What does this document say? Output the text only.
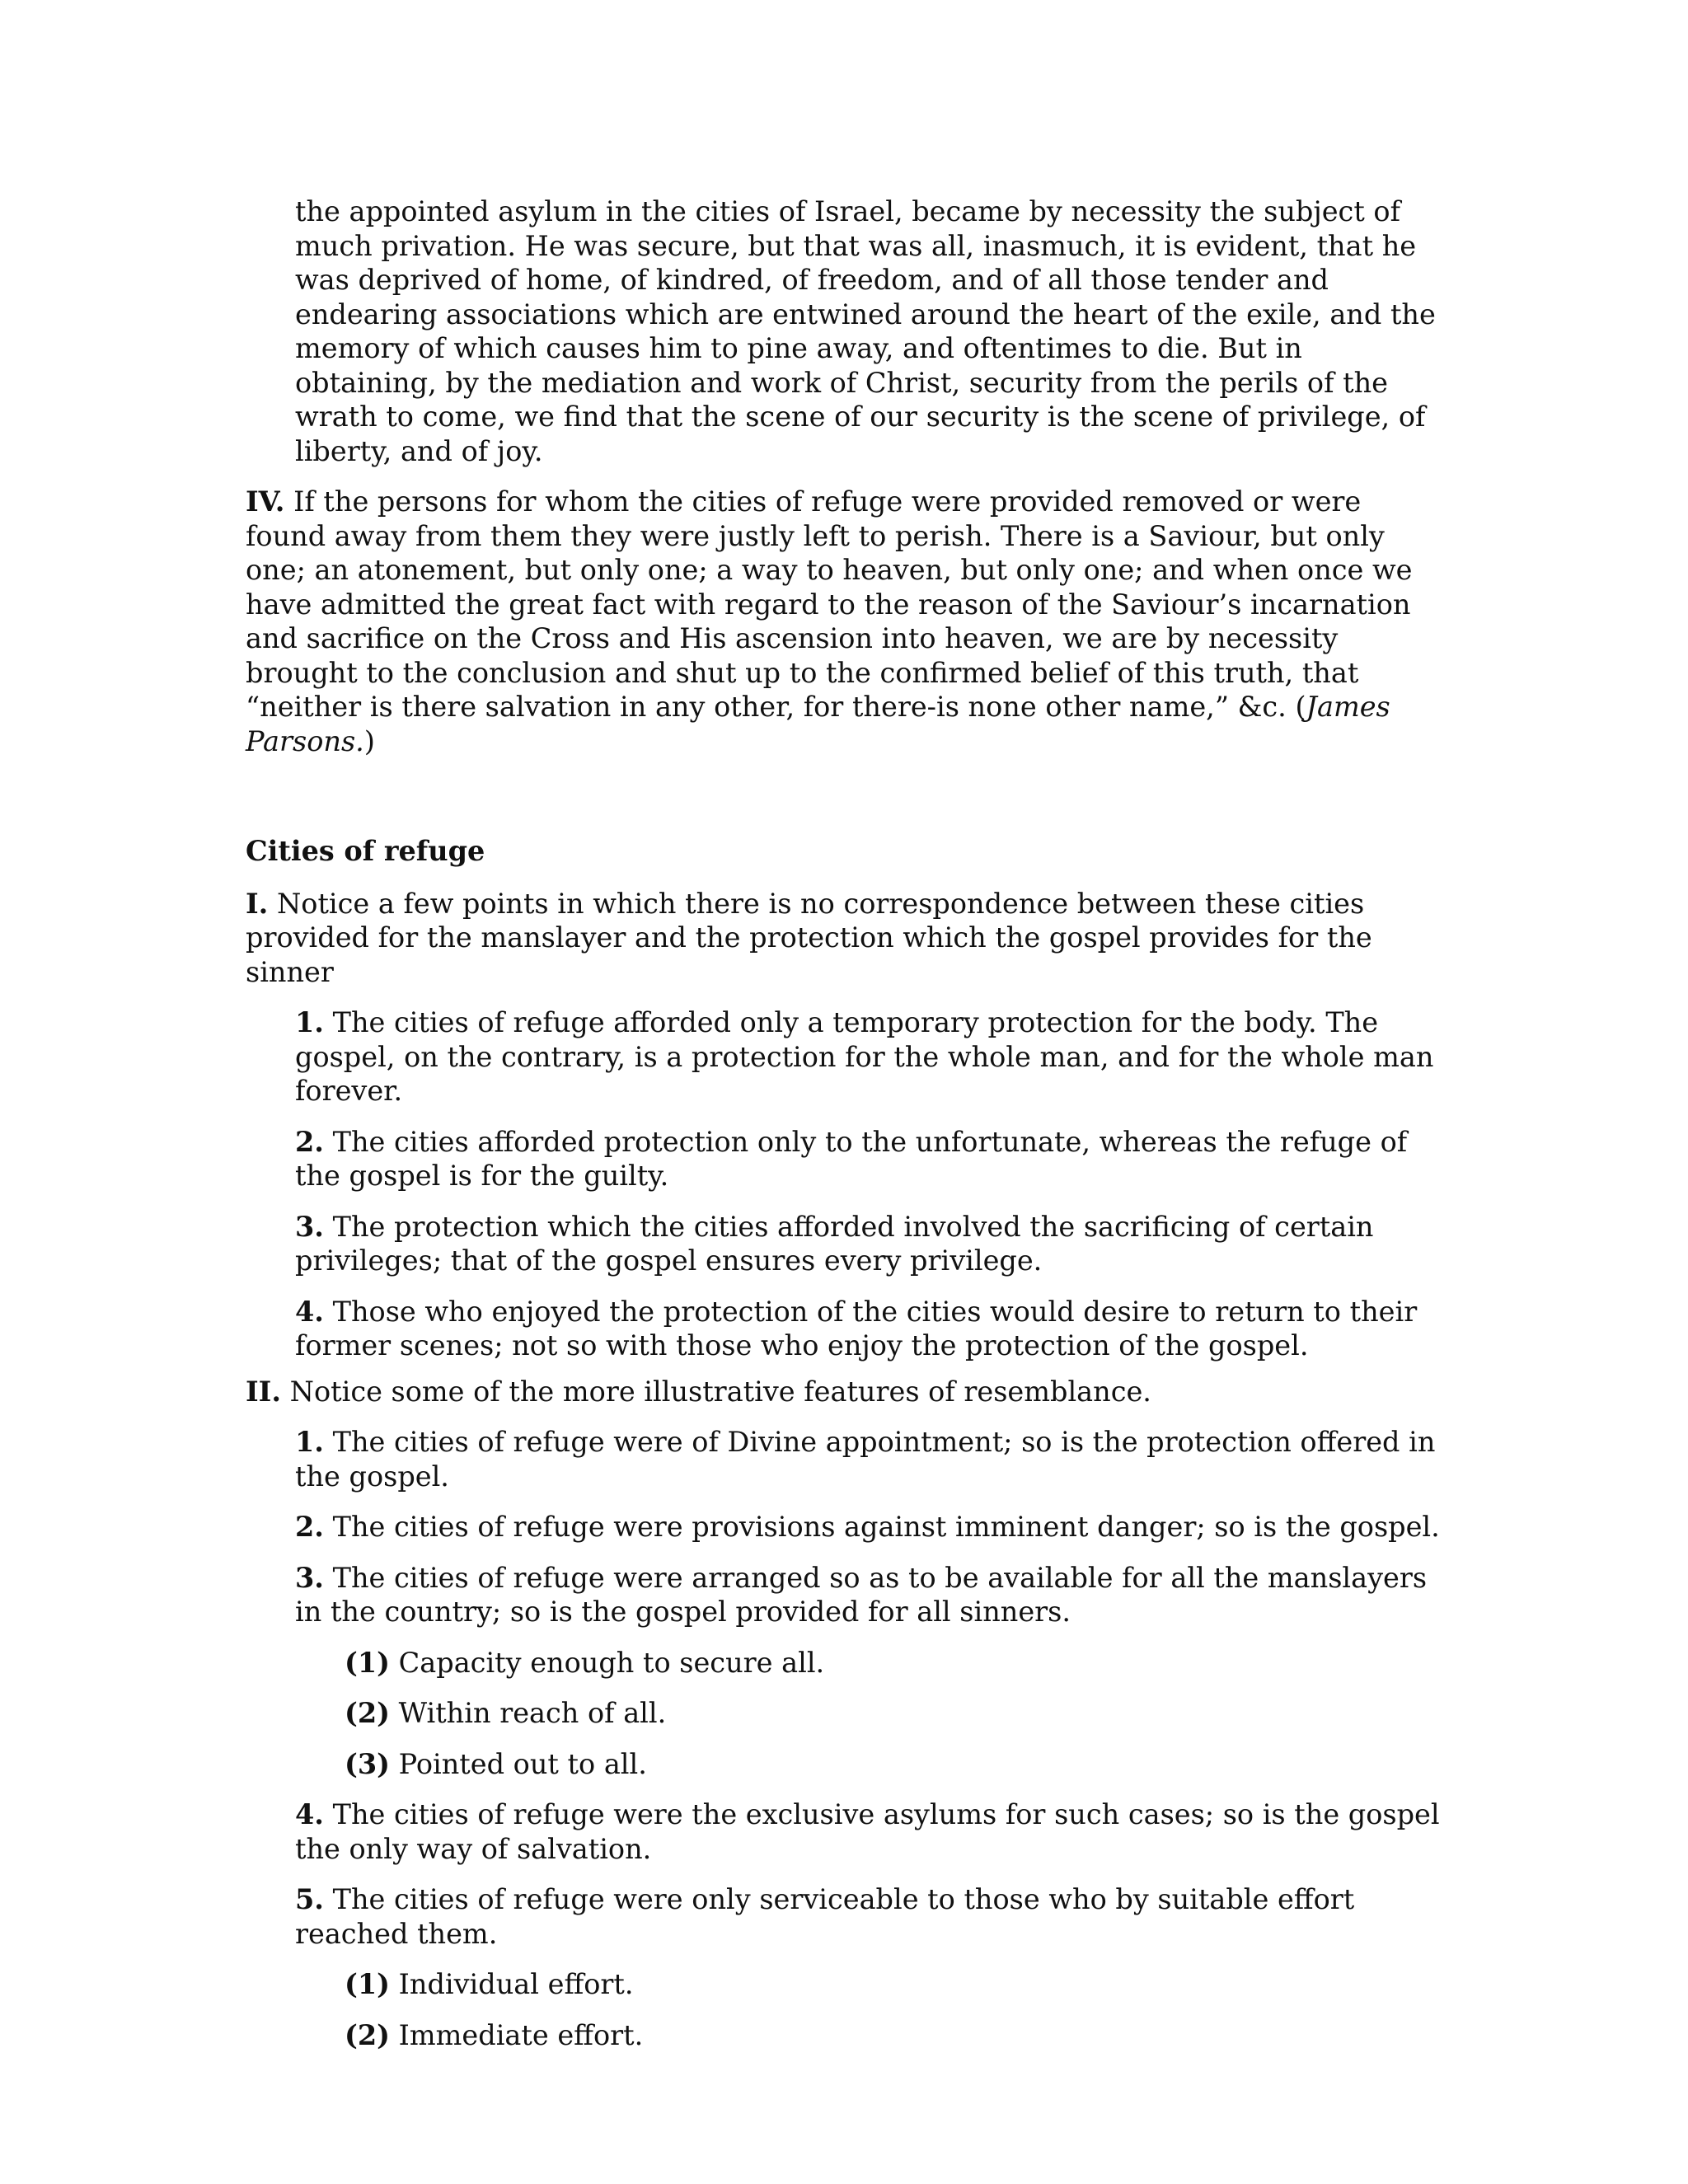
the appointed asylum in the cities of Israel, became by necessity the subject of much privation. He was secure, but that was all, inasmuch, it is evident, that he was deprived of home, of kindred, of freedom, and of all those tender and endearing associations which are entwined around the heart of the exile, and the memory of which causes him to pine away, and oftentimes to die. But in obtaining, by the mediation and work of Christ, security from the perils of the wrath to come, we find that the scene of our security is the scene of privilege, of liberty, and of joy.

IV. If the persons for whom the cities of refuge were provided removed or were found away from them they were justly left to perish. There is a Saviour, but only one; an atonement, but only one; a way to heaven, but only one; and when once we have admitted the great fact with regard to the reason of the Saviour’s incarnation and sacrifice on the Cross and His ascension into heaven, we are by necessity brought to the conclusion and shut up to the confirmed belief of this truth, that “neither is there salvation in any other, for there-is none other name,” &c. (James Parsons.)

Cities of refuge

I. Notice a few points in which there is no correspondence between these cities provided for the manslayer and the protection which the gospel provides for the sinner

1. The cities of refuge afforded only a temporary protection for the body. The gospel, on the contrary, is a protection for the whole man, and for the whole man forever.

2. The cities afforded protection only to the unfortunate, whereas the refuge of the gospel is for the guilty.

3. The protection which the cities afforded involved the sacrificing of certain privileges; that of the gospel ensures every privilege.

4. Those who enjoyed the protection of the cities would desire to return to their former scenes; not so with those who enjoy the protection of the gospel.

II. Notice some of the more illustrative features of resemblance.

1. The cities of refuge were of Divine appointment; so is the protection offered in the gospel.

2. The cities of refuge were provisions against imminent danger; so is the gospel.

3. The cities of refuge were arranged so as to be available for all the manslayers in the country; so is the gospel provided for all sinners.

(1) Capacity enough to secure all.

(2) Within reach of all.

(3) Pointed out to all.

4. The cities of refuge were the exclusive asylums for such cases; so is the gospel the only way of salvation.

5. The cities of refuge were only serviceable to those who by suitable effort reached them.

(1) Individual effort.

(2) Immediate effort.
